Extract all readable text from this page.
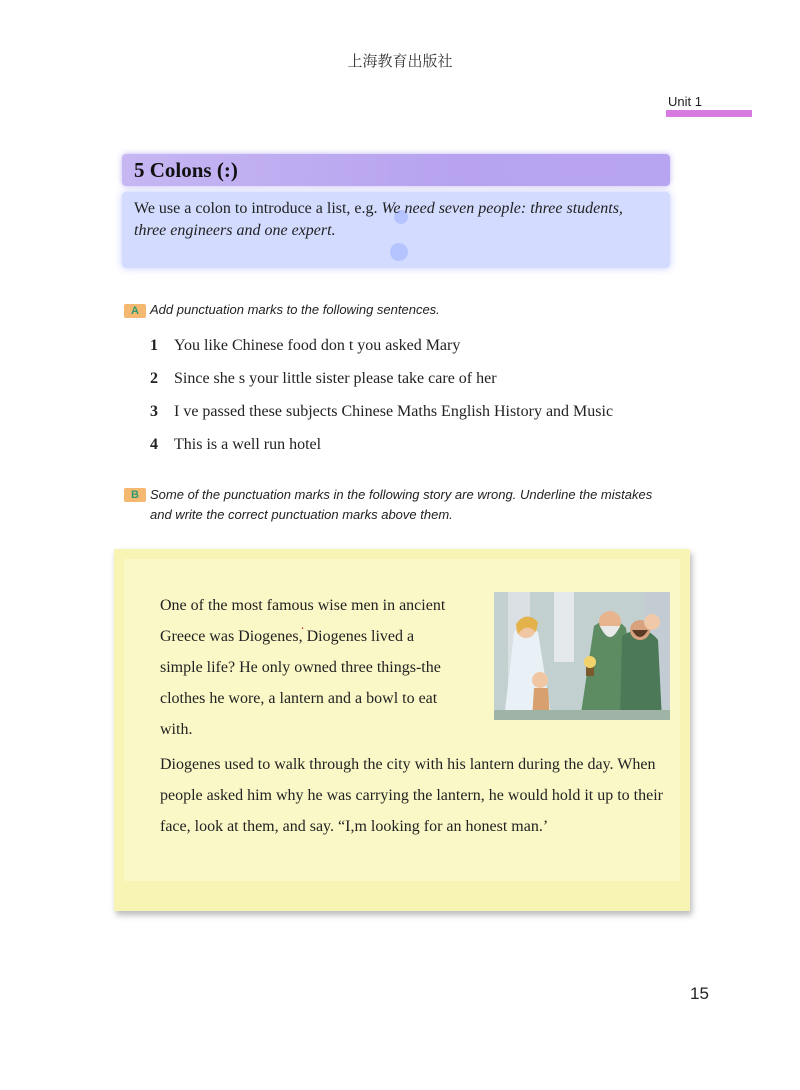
上海教育出版社
Unit 1
5 Colons (:)

We use a colon to introduce a list, e.g. We need seven people: three students, three engineers and one expert.

A Add punctuation marks to the following sentences.
1 You like Chinese food don t you asked Mary
2 Since she s your little sister please take care of her
3 I ve passed these subjects Chinese Maths English History and Music
4 This is a well run hotel
B Some of the punctuation marks in the following story are wrong. Underline the mistakes and write the correct punctuation marks above them.

One of the most famous wise men in ancient Greece was Diogenes
.
, Diogenes lived a simple life? He only owned three things-the clothes he wore, a lantern and a bowl to eat with.

Diogenes used to walk through the city with his lantern during the day. When people asked him why he was carrying the lantern, he would hold it up to their face, look at them, and say. “I,m looking for an honest man.’

15
